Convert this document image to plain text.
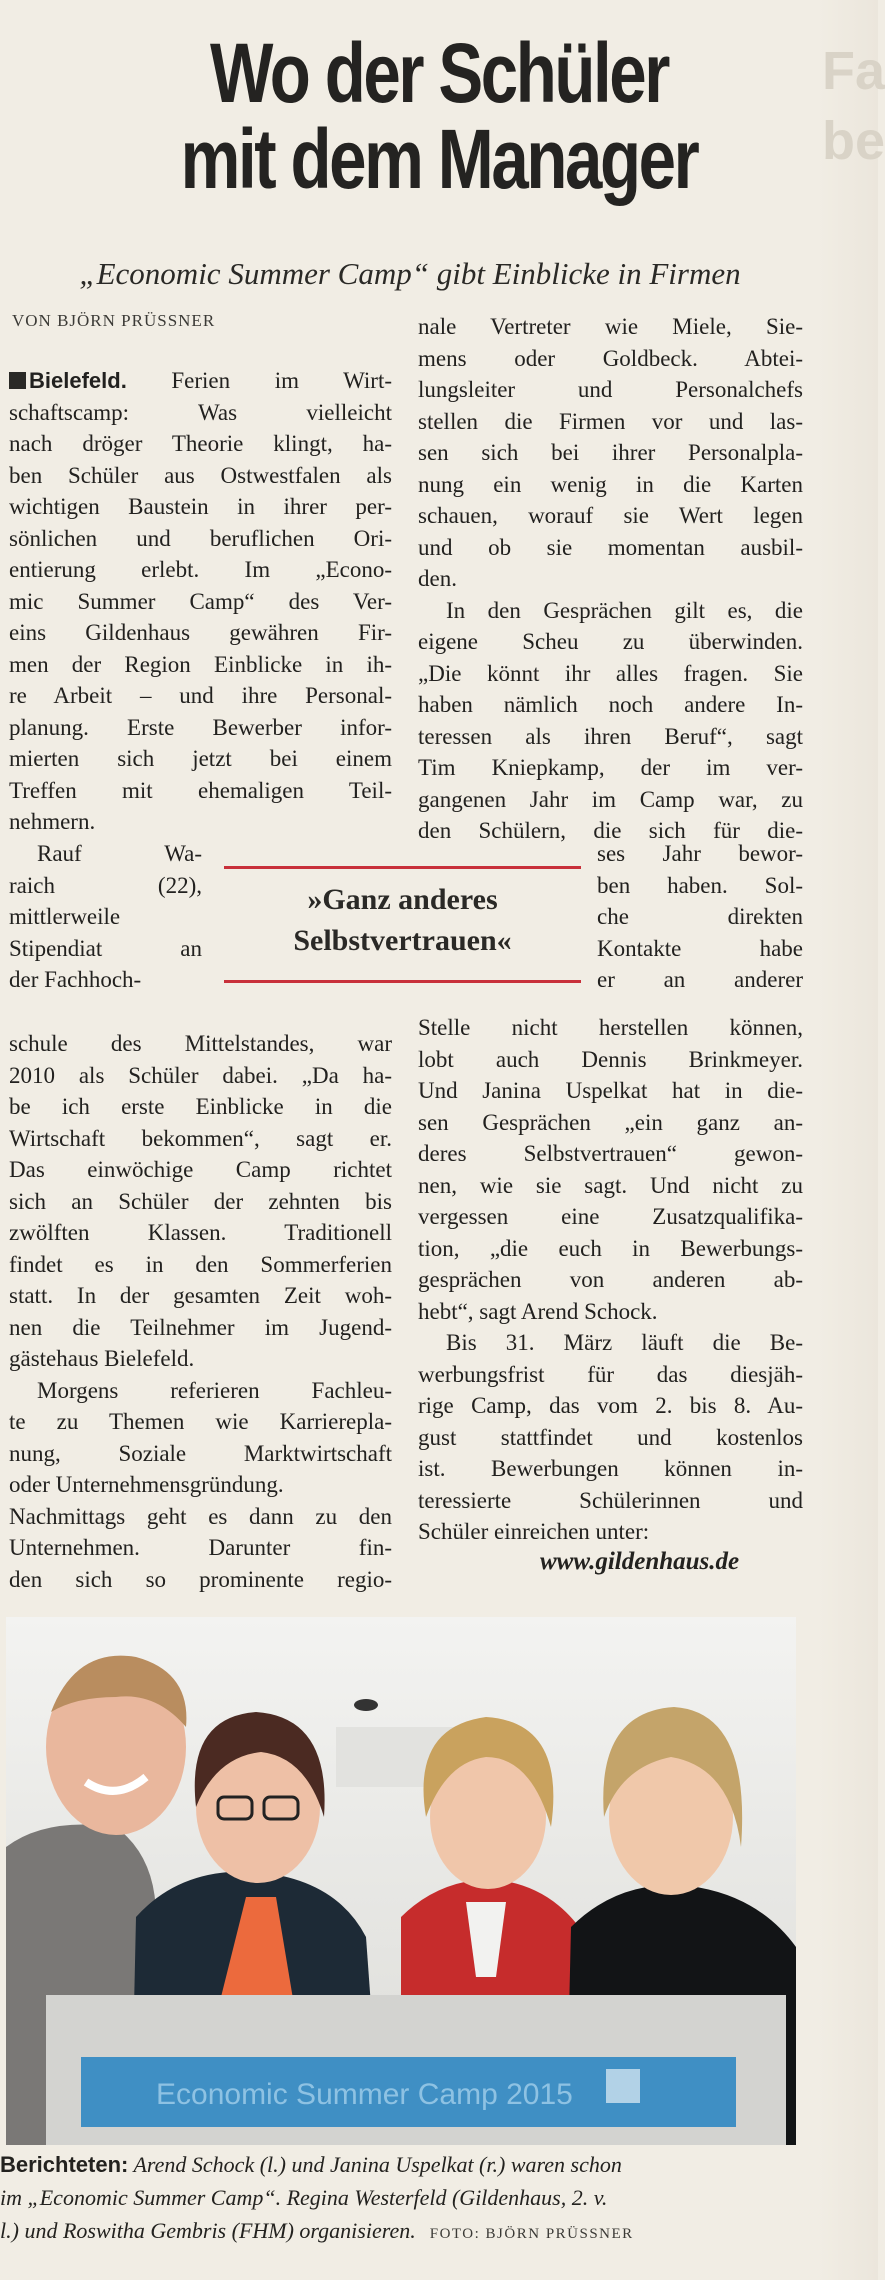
Fa
be
Wo der Schüler
mit dem Manager
„Economic Summer Camp“ gibt Einblicke in Firmen
VON BJÖRN PRÜSSNER
Bielefeld. Ferien im Wirt-
schaftscamp: Was vielleicht
nach dröger Theorie klingt, ha-
ben Schüler aus Ostwestfalen als
wichtigen Baustein in ihrer per-
sönlichen und beruflichen Ori-
entierung erlebt. Im „Econo-
mic Summer Camp“ des Ver-
eins Gildenhaus gewähren Fir-
men der Region Einblicke in ih-
re Arbeit – und ihre Personal-
planung. Erste Bewerber infor-
mierten sich jetzt bei einem
Treffen mit ehemaligen Teil-
nehmern.
Rauf Wa-
raich (22),
mittlerweile
Stipendiat an
der Fachhoch-
»Ganz anderes
Selbstvertrauen«
ses Jahr bewor-
ben haben. Sol-
che direkten
Kontakte habe
er an anderer
schule des Mittelstandes, war
2010 als Schüler dabei. „Da ha-
be ich erste Einblicke in die
Wirtschaft bekommen“, sagt er.
Das einwöchige Camp richtet
sich an Schüler der zehnten bis
zwölften Klassen. Traditionell
findet es in den Sommerferien
statt. In der gesamten Zeit woh-
nen die Teilnehmer im Jugend-
gästehaus Bielefeld.
Morgens referieren Fachleu-
te zu Themen wie Karrierepla-
nung, Soziale Marktwirtschaft
oder Unternehmensgründung.
Nachmittags geht es dann zu den
Unternehmen. Darunter fin-
den sich so prominente regio-
nale Vertreter wie Miele, Sie-
mens oder Goldbeck. Abtei-
lungsleiter und Personalchefs
stellen die Firmen vor und las-
sen sich bei ihrer Personalpla-
nung ein wenig in die Karten
schauen, worauf sie Wert legen
und ob sie momentan ausbil-
den.
In den Gesprächen gilt es, die
eigene Scheu zu überwinden.
„Die könnt ihr alles fragen. Sie
haben nämlich noch andere In-
teressen als ihren Beruf“, sagt
Tim Kniepkamp, der im ver-
gangenen Jahr im Camp war, zu
den Schülern, die sich für die-
Stelle nicht herstellen können,
lobt auch Dennis Brinkmeyer.
Und Janina Uspelkat hat in die-
sen Gesprächen „ein ganz an-
deres Selbstvertrauen“ gewon-
nen, wie sie sagt. Und nicht zu
vergessen eine Zusatzqualifika-
tion, „die euch in Bewerbungs-
gesprächen von anderen ab-
hebt“, sagt Arend Schock.
Bis 31. März läuft die Be-
werbungsfrist für das diesjäh-
rige Camp, das vom 2. bis 8. Au-
gust stattfindet und kostenlos
ist. Bewerbungen können in-
teressierte Schülerinnen und
Schüler einreichen unter:
www.gildenhaus.de
Economic Summer Camp 2015
Berichteten: Arend Schock (l.) und Janina Uspelkat (r.) waren schon
im „Economic Summer Camp“. Regina Westerfeld (Gildenhaus, 2. v.
l.) und Roswitha Gembris (FHM) organisieren. FOTO: BJÖRN PRÜSSNER
